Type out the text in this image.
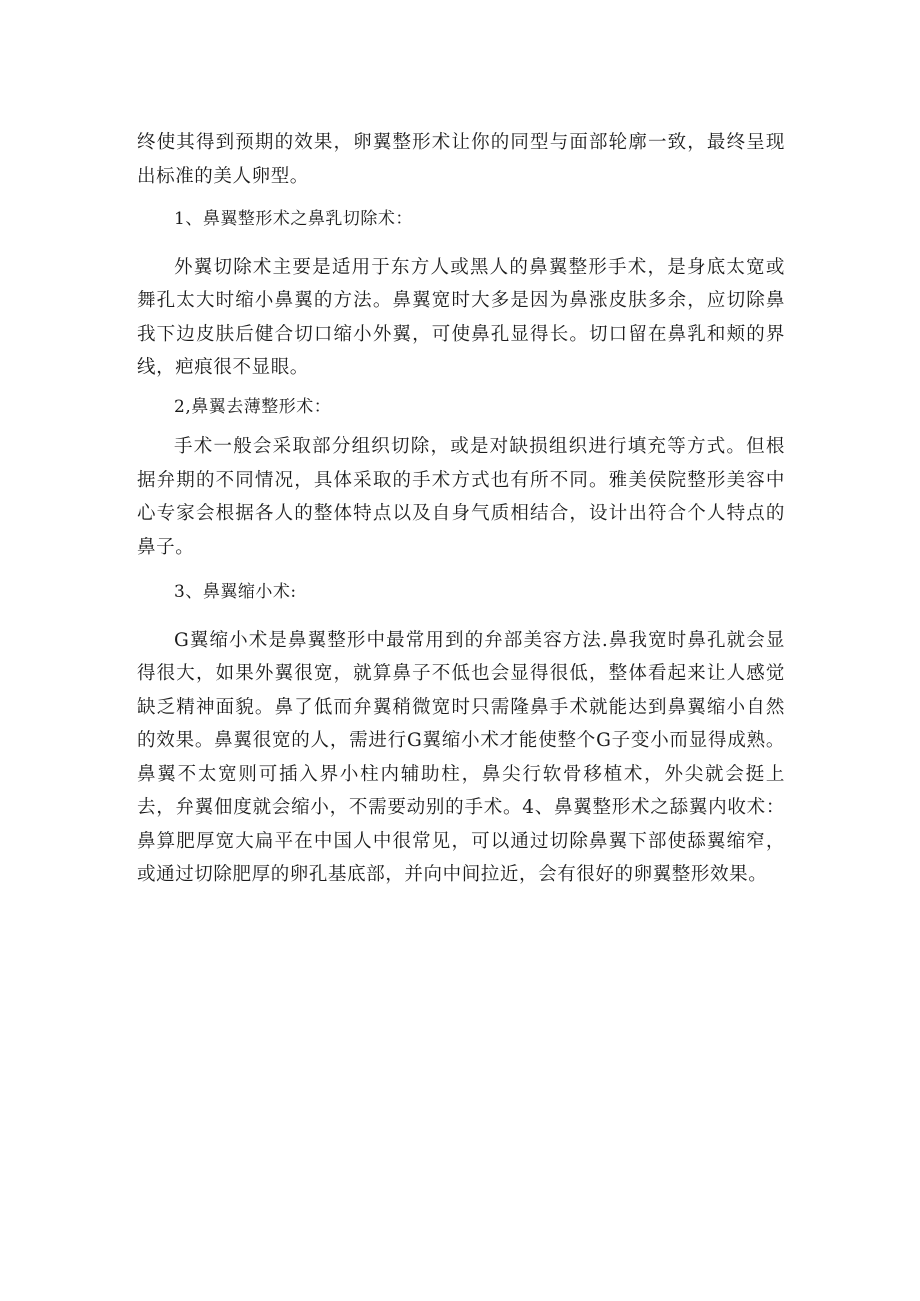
终使其得到预期的效果，卵翼整形术让你的同型与面部轮廓一致，最终呈现出标准的美人卵型。

1、鼻翼整形术之鼻乳切除术：

外翼切除术主要是适用于东方人或黑人的鼻翼整形手术，是身底太宽或舞孔太大时缩小鼻翼的方法。鼻翼宽时大多是因为鼻涨皮肤多余，应切除鼻我下边皮肤后健合切口缩小外翼，可使鼻孔显得长。切口留在鼻乳和颊的界线，疤痕很不显眼。

2,鼻翼去薄整形术：

手术一般会采取部分组织切除，或是对缺损组织进行填充等方式。但根据弁期的不同情况，具体采取的手术方式也有所不同。雅美侯院整形美容中心专家会根据各人的整体特点以及自身气质相结合，设计出符合个人特点的鼻子。

3、鼻翼缩小术:

G翼缩小术是鼻翼整形中最常用到的弁部美容方法.鼻我宽时鼻孔就会显得很大，如果外翼很宽，就算鼻子不低也会显得很低，整体看起来让人感觉缺乏精神面貌。鼻了低而弁翼稍微宽时只需隆鼻手术就能达到鼻翼缩小自然的效果。鼻翼很宽的人，需进行G翼缩小术才能使整个G子变小而显得成熟。鼻翼不太宽则可插入界小柱内辅助柱，鼻尖行软骨移植术，外尖就会挺上去，弁翼佃度就会缩小，不需要动别的手术。4、鼻翼整形术之舔翼内收术：鼻算肥厚宽大扁平在中国人中很常见，可以通过切除鼻翼下部使舔翼缩窄，或通过切除肥厚的卵孔基底部，并向中间拉近，会有很好的卵翼整形效果。
